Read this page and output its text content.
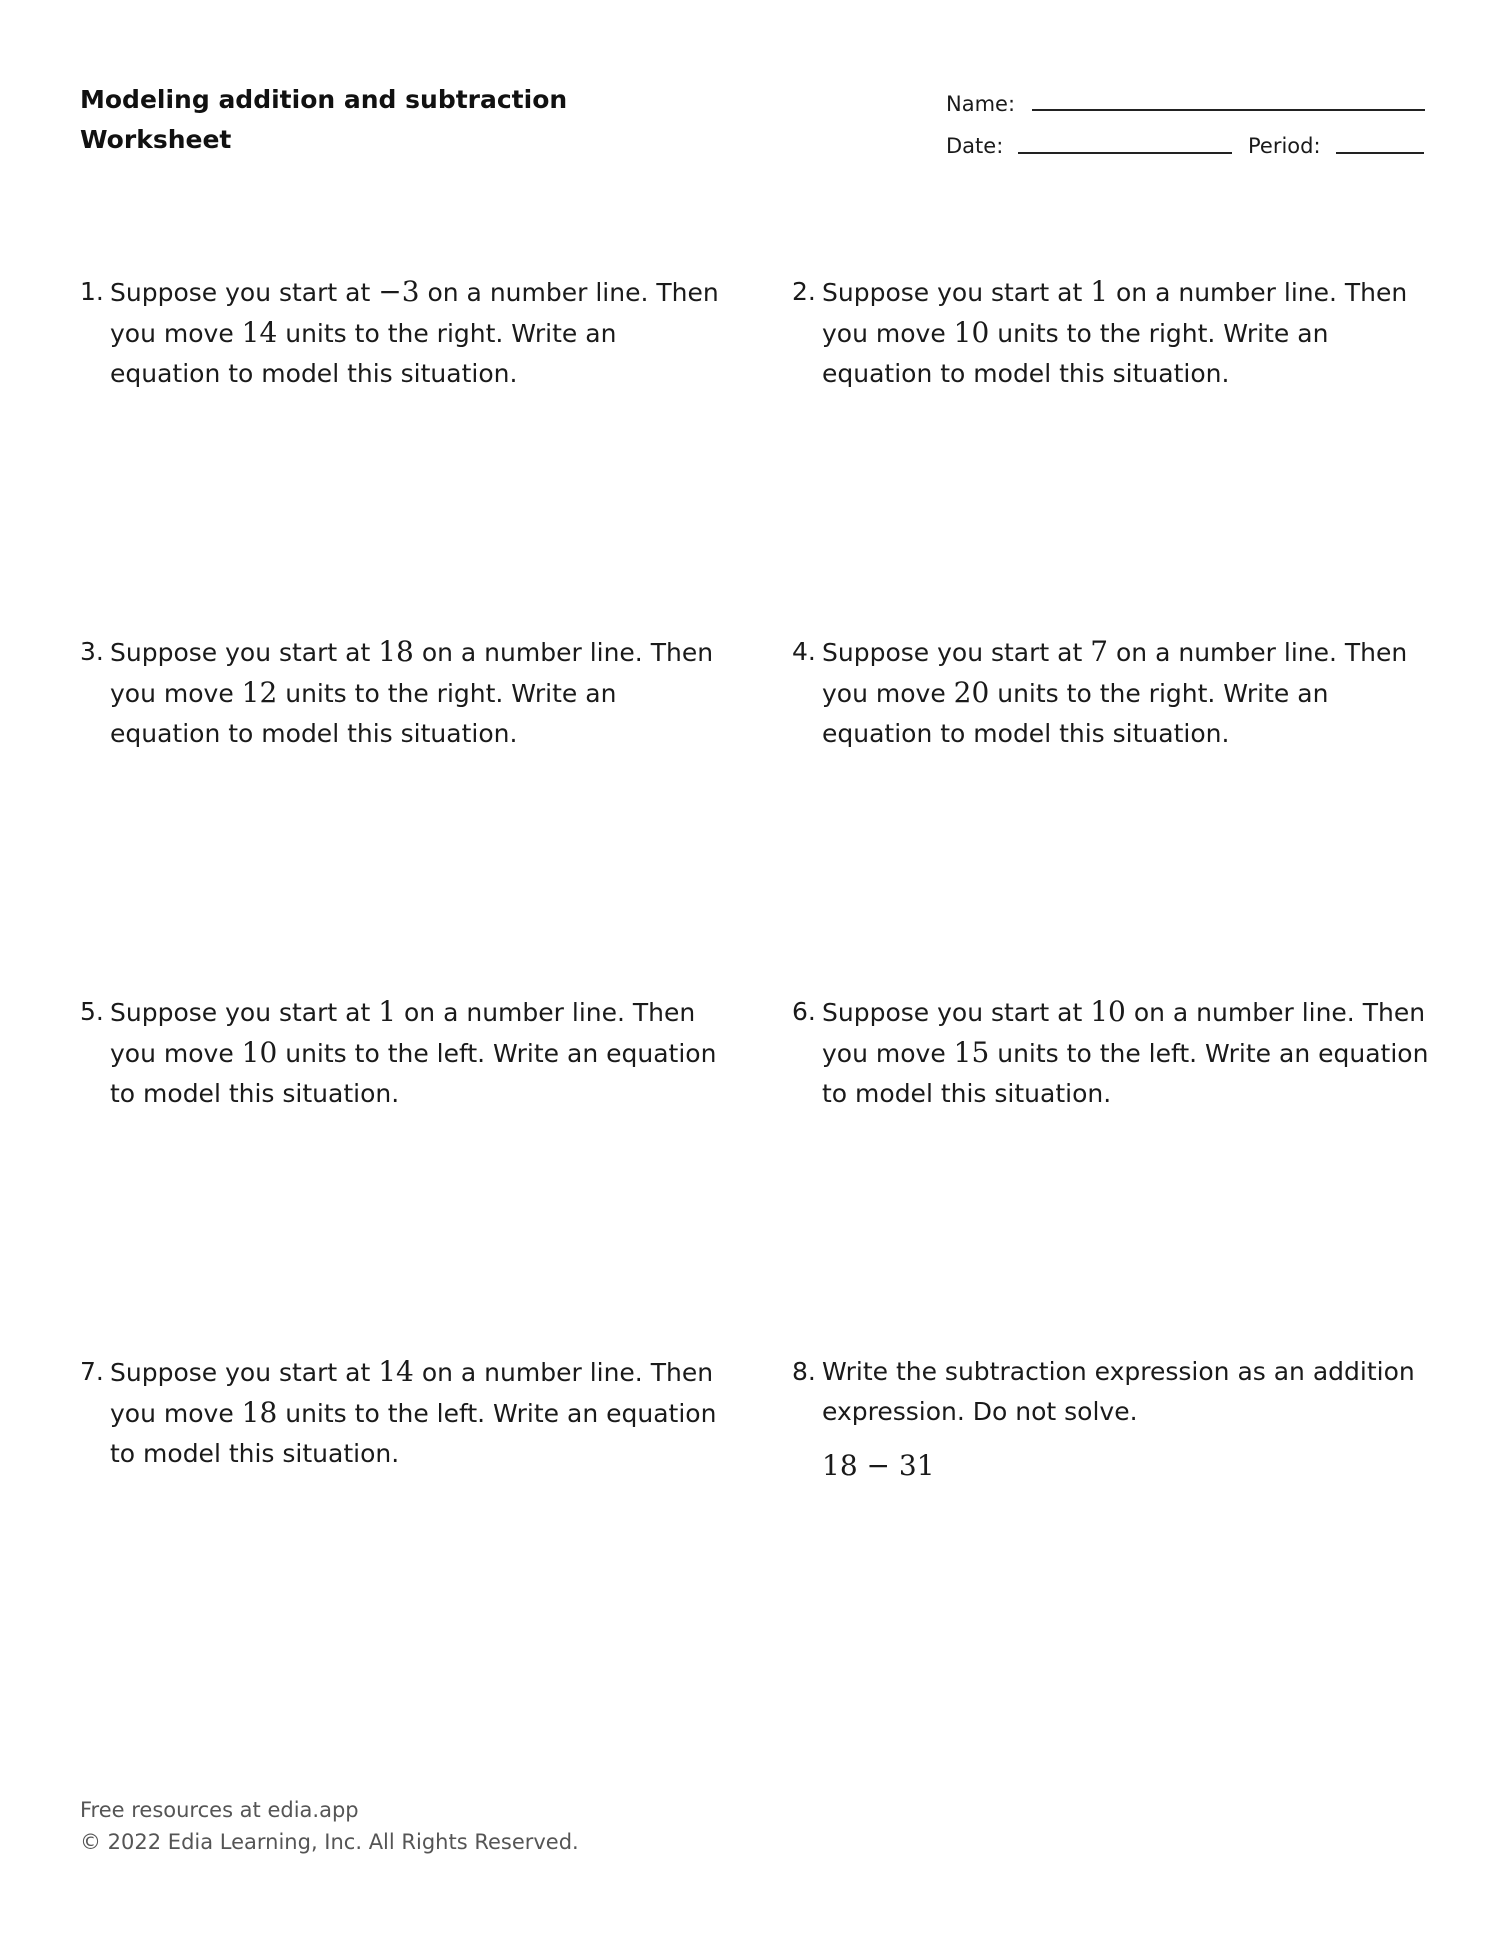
Modeling addition and subtraction
Worksheet
Name:
Date:	Period:
1. Suppose you start at −3 on a number line. Then you move 14 units to the right. Write an equation to model this situation.
2. Suppose you start at 1 on a number line. Then you move 10 units to the right. Write an equation to model this situation.
3. Suppose you start at 18 on a number line. Then you move 12 units to the right. Write an equation to model this situation.
4. Suppose you start at 7 on a number line. Then you move 20 units to the right. Write an equation to model this situation.
5. Suppose you start at 1 on a number line. Then you move 10 units to the left. Write an equation to model this situation.
6. Suppose you start at 10 on a number line. Then you move 15 units to the left. Write an equation to model this situation.
7. Suppose you start at 14 on a number line. Then you move 18 units to the left. Write an equation to model this situation.
8. Write the subtraction expression as an addition expression. Do not solve.
18 − 31
Free resources at edia.app
© 2022 Edia Learning, Inc. All Rights Reserved.
